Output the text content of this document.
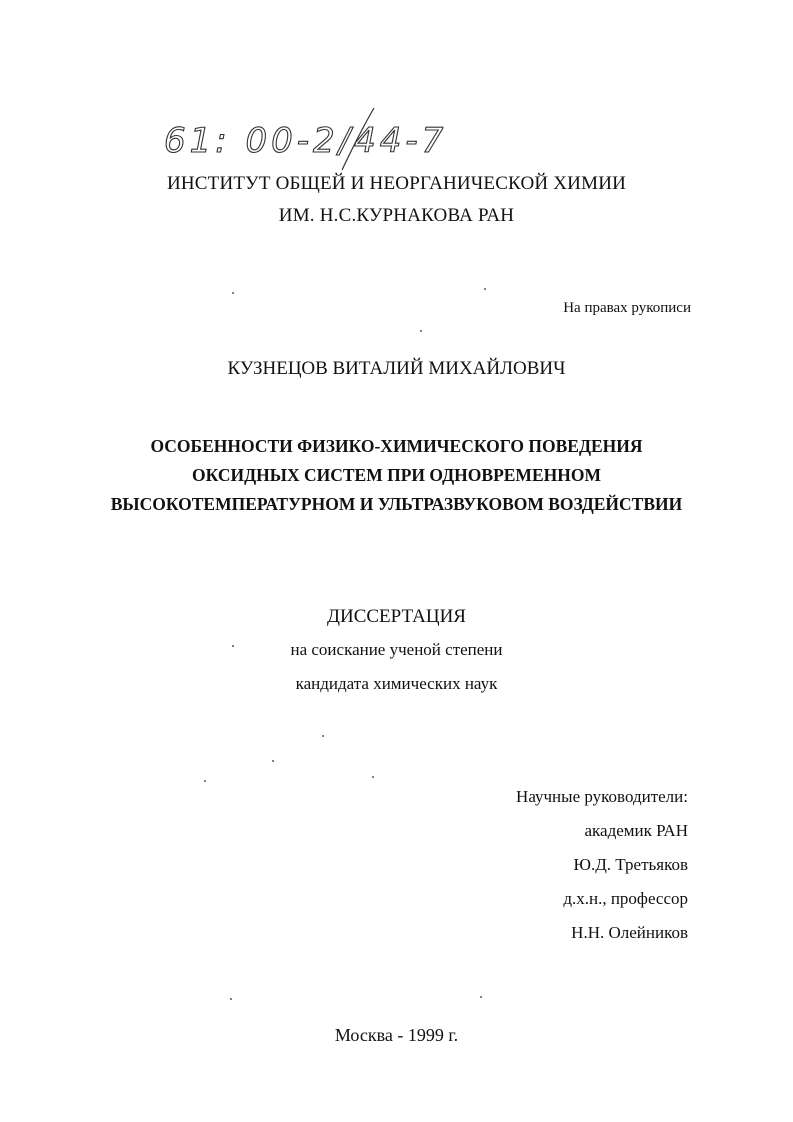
61: 00-2/44-7
ИНСТИТУТ ОБЩЕЙ И НЕОРГАНИЧЕСКОЙ ХИМИИ
ИМ. Н.С.КУРНАКОВА РАН
На правах рукописи
КУЗНЕЦОВ ВИТАЛИЙ МИХАЙЛОВИЧ
ОСОБЕННОСТИ ФИЗИКО-ХИМИЧЕСКОГО ПОВЕДЕНИЯ
ОКСИДНЫХ СИСТЕМ ПРИ ОДНОВРЕМЕННОМ
ВЫСОКОТЕМПЕРАТУРНОМ И УЛЬТРАЗВУКОВОМ ВОЗДЕЙСТВИИ
ДИССЕРТАЦИЯ
на соискание ученой степени
кандидата химических наук
Научные руководители:
академик РАН
Ю.Д. Третьяков
д.х.н., профессор
Н.Н. Олейников
Москва - 1999 г.
